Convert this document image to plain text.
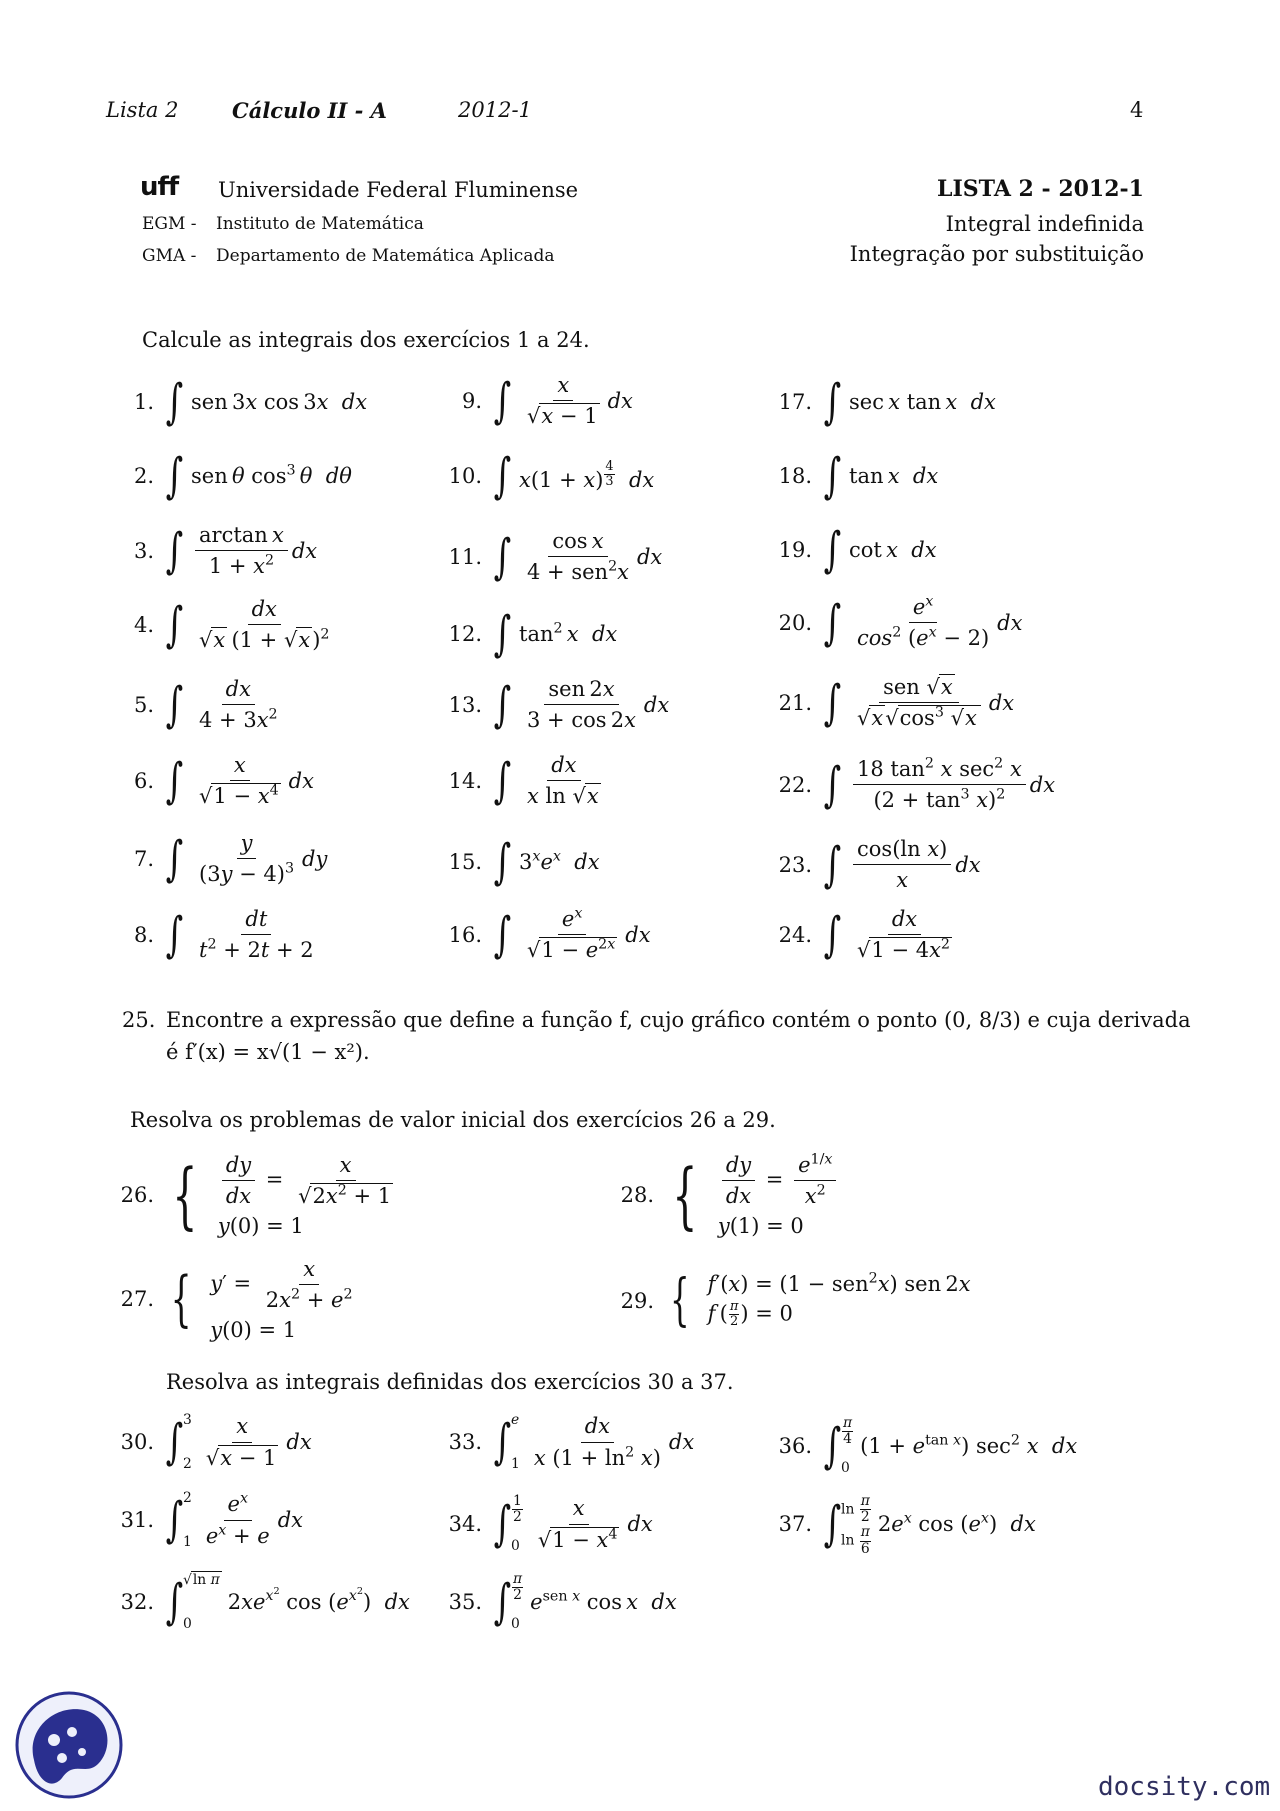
Lista 2	Cálculo II - A	2012-1	4
uff Universidade Federal Fluminense
EGM - Instituto de Matemática
GMA - Departamento de Matemática Aplicada
LISTA 2 - 2012-1
Integral indefinida
Integração por substituição
Calcule as integrais dos exercícios 1 a 24.
1. ∫ sen 3x cos 3x dx
2. ∫ sen θ $\cos^3 \theta$ dθ
3. ∫ $\frac{\text{arctan x}}{1 + x^2}$ dx
4. ∫ $\frac{dx}{√x (1 + √x)^2}$
5. ∫ $\frac{dx}{4 + 3x^2}$
6. ∫ $\frac{x}{√1 - x^4}$ dx
7. ∫ $\frac{y}{(3y - 4)^3}$ dy
8. ∫ $\frac{dt}{t^2 + 2t + 2}$
9. ∫ $\frac{x}{√x - 1}$ dx
10. ∫ x(1 + x) $^{\frac{4}{3}}$ dx
11. ∫ $\frac{\text{cos x}}{4 + sen^2x}$ dx
12. ∫ $\tan^2 x$ dx
13. ∫ $\frac{\text{sen 2x}}{3 + \cos 2x}$ dx
14. ∫ $\frac{dx}{\text{x ln √x}}$
15. ∫ $3^xe^x$ dx
16. ∫ $\frac{e^x}{√1 - e^{2x}}$ dx
17. ∫ sec x tan x dx
18. ∫ tan x dx
19. ∫ cot x dx
20. ∫ $\frac{e^x}{\cos^2 (e^x - 2)}$ dx
21. ∫ $\frac{\text{sen √x}}{√x√\cos^3 √x}$ dx
22. ∫ $\frac{18 \tan^2 x \sec^2 x}{(2 + \tan^3 x)^2}$ dx
23. ∫ $\frac{\text{cos(ln x)}}{x}$ dx
24. ∫ $\frac{dx}{√1 - 4x^2}$
25. Encontre a expressão que define a função f, cujo gráfico contém o ponto (0, 8/3) e cuja derivada
é f′(x) = x√(1 − x²).
Resolva os problemas de valor inicial dos exercícios 26 a 29.
26. { $\frac{dy}{dx} = \frac{x}{√2x^2 + 1}$
y(0) = 1
27. { $y' = \frac{x}{2x^2 + e^2}$
y(0) = 1
28. { $\frac{dy}{dx} = \frac{e^{1/x}}{x^2}$
y(1) = 0
29. { f′(x) = (1 − sen$^2$x) sen 2x
f ( $\frac{\pi}{2}$ ) = 0
Resolva as integrais definidas dos exercícios 30 a 37.
30. ∫ 3
$2 \frac{x}{√x - 1}$ dx
31. ∫ 2
$1 \frac{e^x}{e^x + e}$ dx
32. ∫ √ln π
0
$2xe^{x^2}$ $\cos (e^{x^2})$  dx
33. ∫ e
$1 \frac{dx}{x (1 + \ln^2 x)}$ dx
34. ∫ $\frac{1}{2}$
$0 \frac{x}{√1 - x^4}$ dx
35. ∫ $\frac{\pi}{2}$
0
$e^{sen x}$ cos x dx
36. ∫ $\frac{\pi}{4}$
0
$(1 + e^{tan x})$ $\sec^2 x$ dx
37. ∫ $\ln \frac{\pi}{2}$
$\ln \frac{\pi}{6}$
$2e^x$ $\cos (e^x)$  dx
docsity.com
